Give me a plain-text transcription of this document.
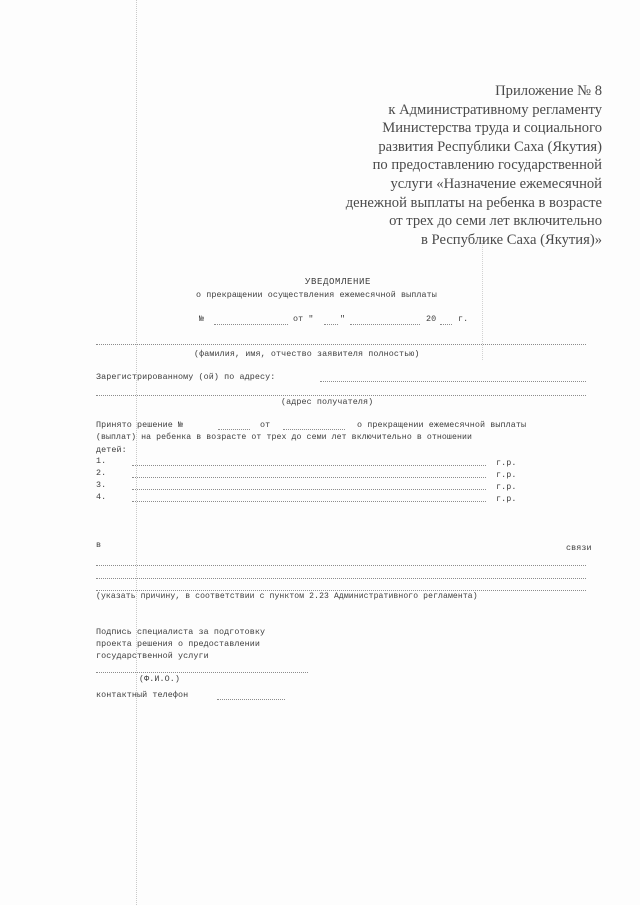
Приложение № 8
к Административному регламенту
Министерства труда и социального
развития Республики Саха (Якутия)
по предоставлению государственной
услуги «Назначение ежемесячной
денежной выплаты на ребенка в возрасте
от трех до семи лет включительно
в Республике Саха (Якутия)»
УВЕДОМЛЕНИЕ
о прекращении осуществления ежемесячной выплаты
№	от "	"	20	г.
(фамилия, имя, отчество заявителя полностью)
Зарегистрированному (ой) по адресу:
(адрес получателя)
Принято решение №	от	о прекращении ежемесячной выплаты
(выплат) на ребенка в возрасте от трех до семи лет включительно в отношении
детей:
1.	г.р.
2.	г.р.
3.	г.р.
4.	г.р.
в	связи
(указать причину, в соответствии с пунктом 2.23 Административного регламента)
Подпись специалиста за подготовку
проекта решения о предоставлении
государственной услуги
(Ф.И.О.)
контактный телефон
